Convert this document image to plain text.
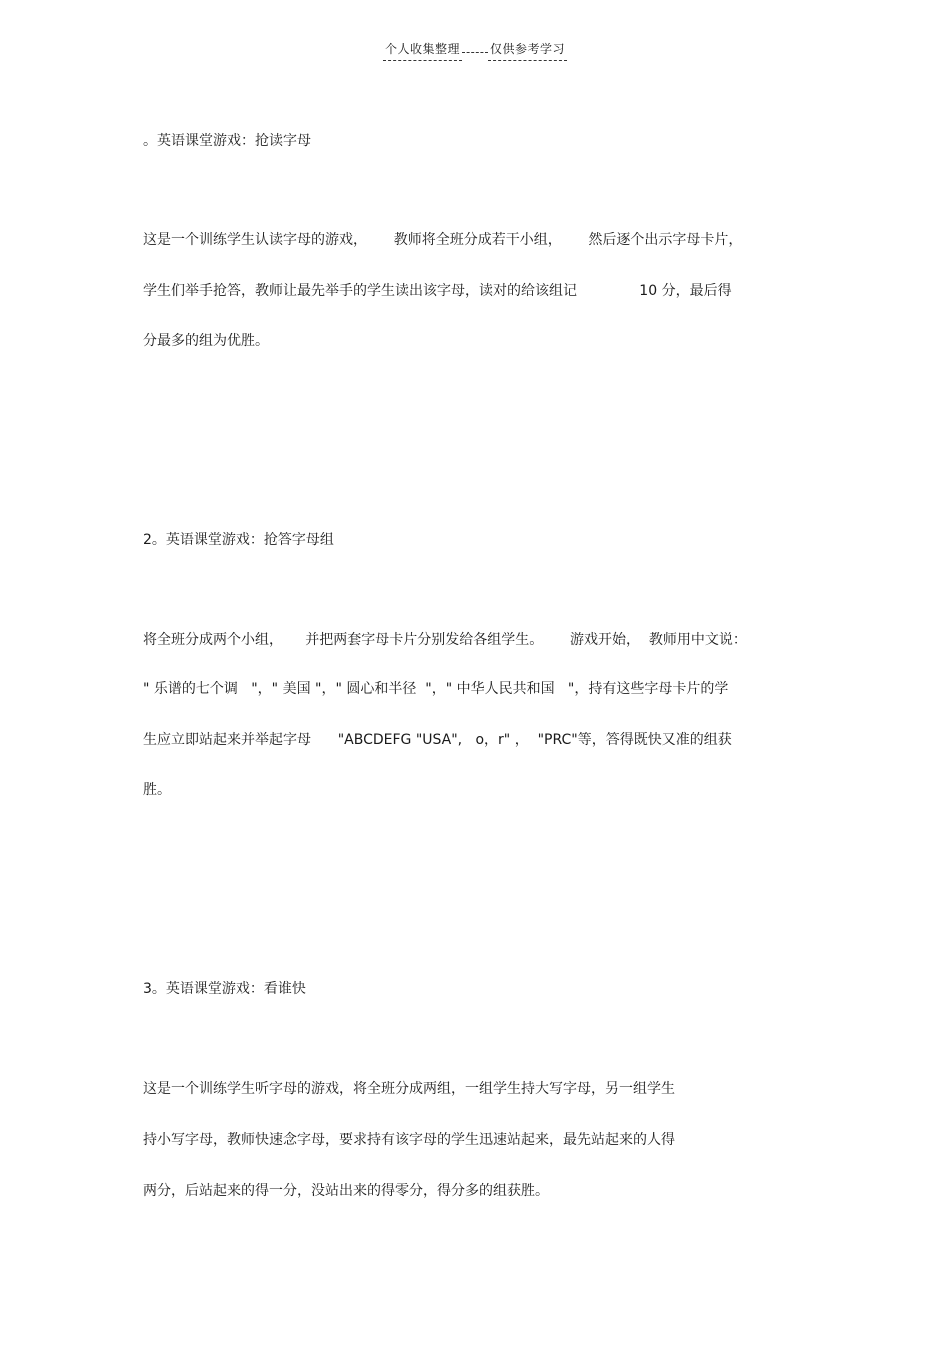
个人收集整理	仅供参考学习
。英语课堂游戏：抢读字母
这是一个训练学生认读字母的游戏，      教师将全班分成若干小组，      然后逐个出示字母卡片，
学生们举手抢答，教师让最先举手的学生读出该字母，读对的给该组记              10 分，最后得
分最多的组为优胜。
2。英语课堂游戏：抢答字母组
将全班分成两个小组，     并把两套字母卡片分别发给各组学生。      游戏开始，  教师用中文说：
" 乐谱的七个调   "，" 美国 "，" 圆心和半径  "，" 中华人民共和国   "，持有这些字母卡片的学
生应立即站起来并举起字母      "ABCDEFG "USA",   o，r" ，  "PRC"等，答得既快又准的组获
胜。
3。英语课堂游戏：看谁快
这是一个训练学生听字母的游戏，将全班分成两组，一组学生持大写字母，另一组学生
持小写字母，教师快速念字母，要求持有该字母的学生迅速站起来，最先站起来的人得
两分，后站起来的得一分，没站出来的得零分，得分多的组获胜。
